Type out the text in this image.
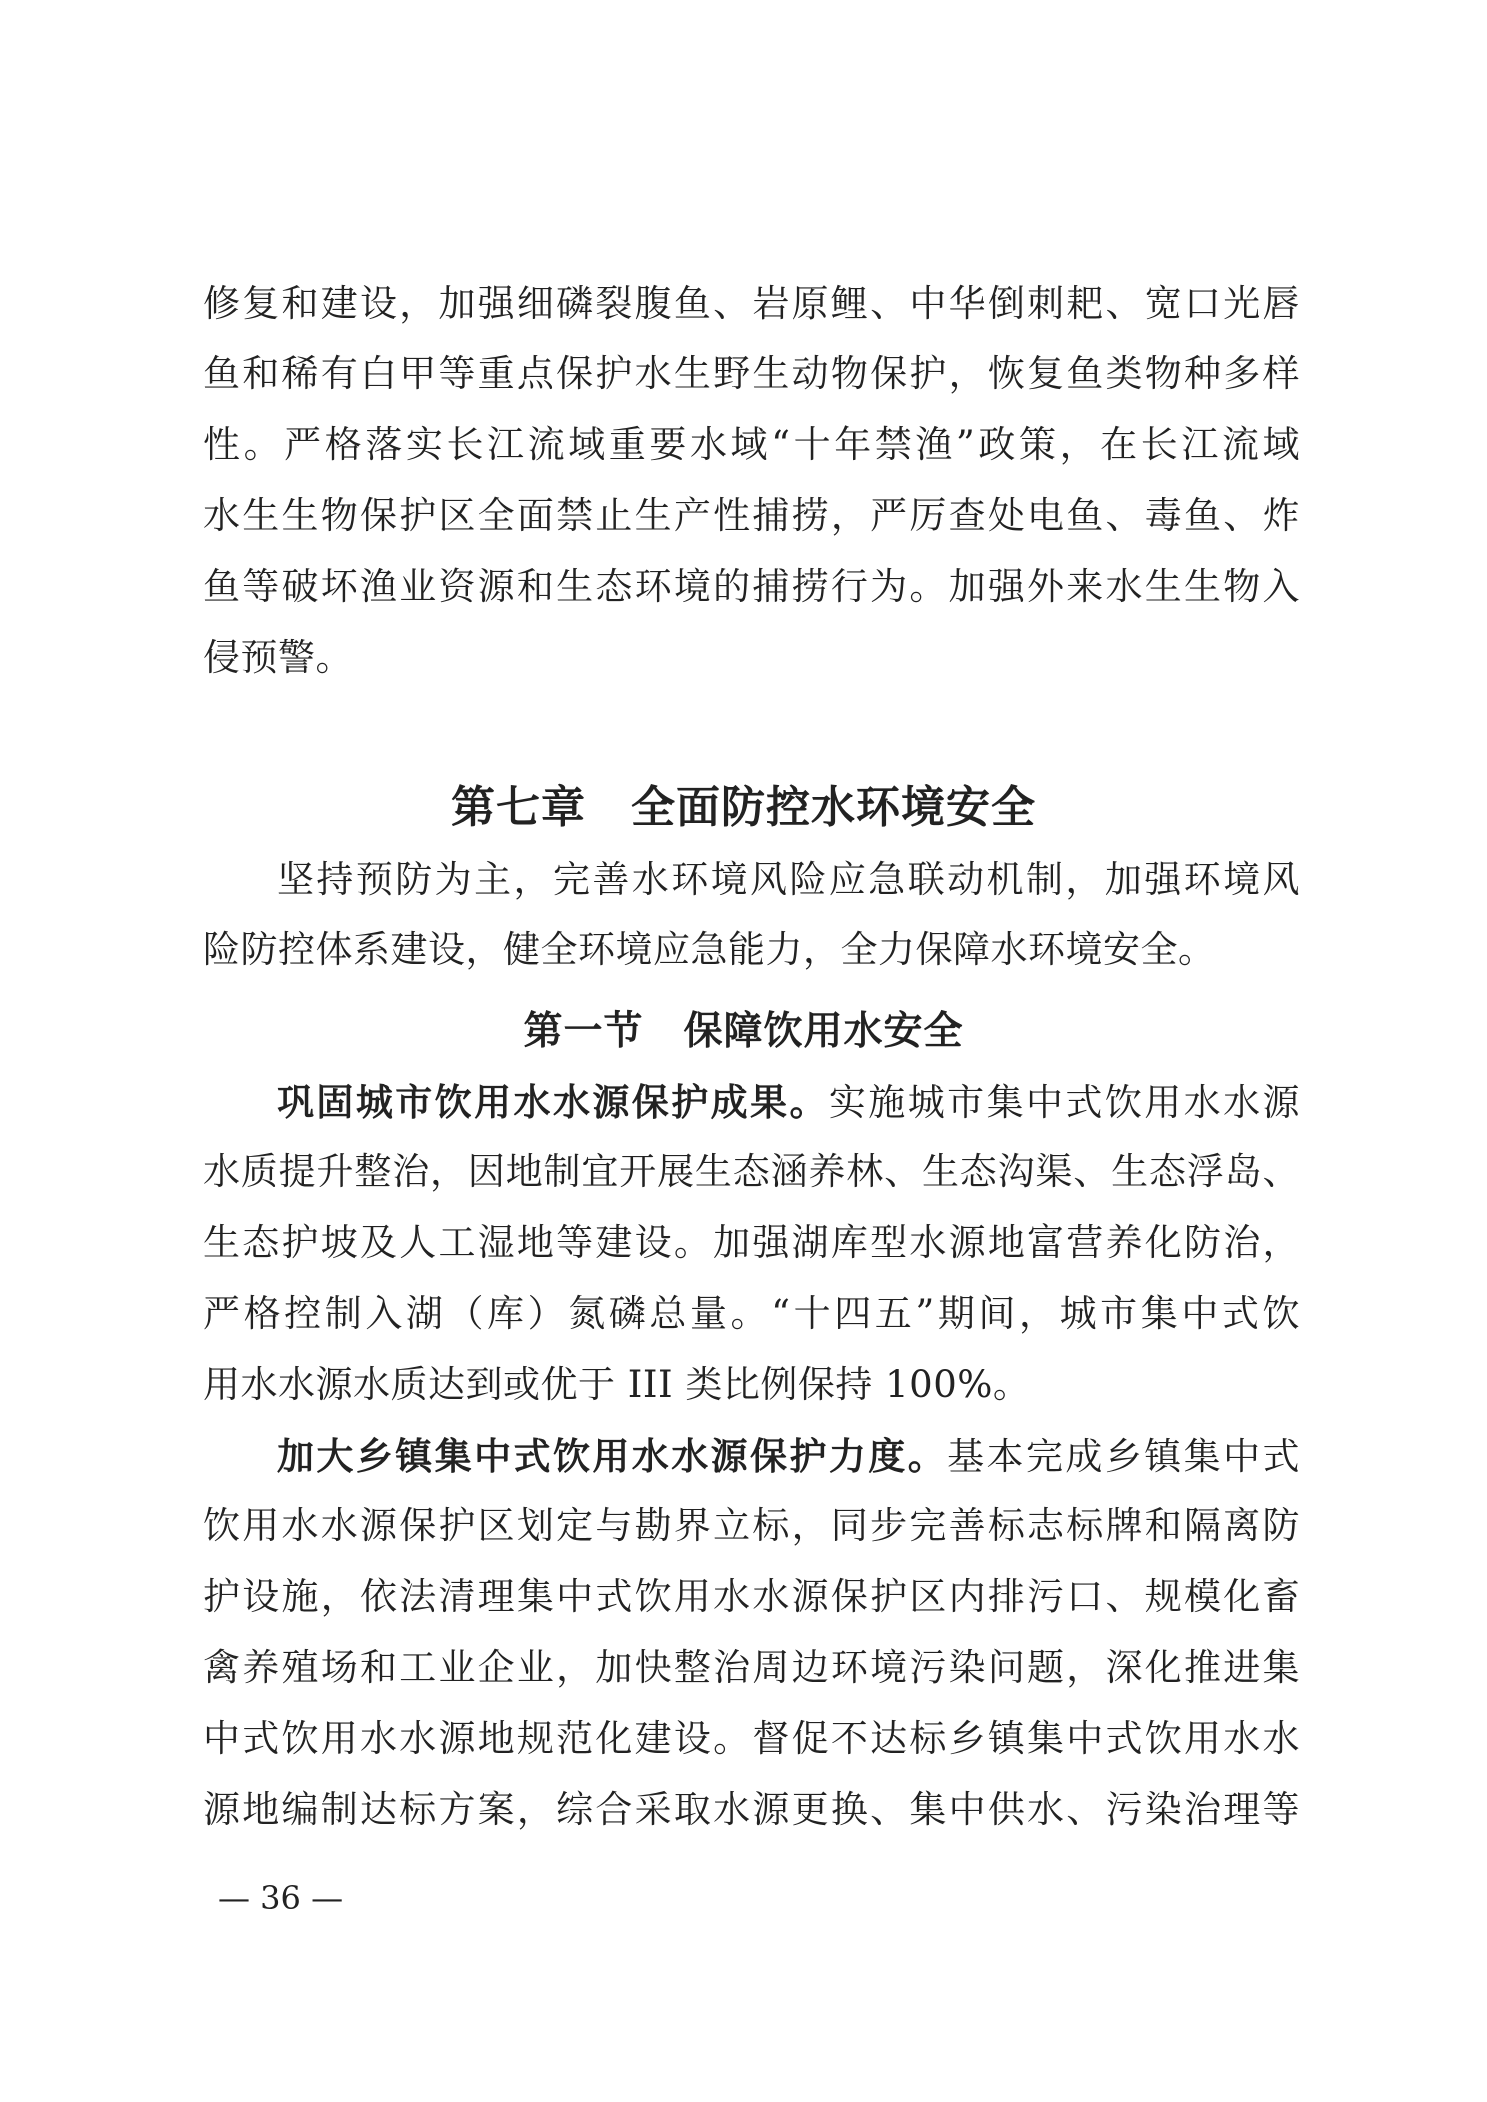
修复和建设，加强细磷裂腹鱼、岩原鲤、中华倒刺耙、宽口光唇
鱼和稀有白甲等重点保护水生野生动物保护，恢复鱼类物种多样
性。严格落实长江流域重要水域“十年禁渔”政策，在长江流域
水生生物保护区全面禁止生产性捕捞，严厉查处电鱼、毒鱼、炸
鱼等破坏渔业资源和生态环境的捕捞行为。加强外来水生生物入
侵预警。
第七章　全面防控水环境安全
坚持预防为主，完善水环境风险应急联动机制，加强环境风
险防控体系建设，健全环境应急能力，全力保障水环境安全。
第一节　保障饮用水安全
巩固城市饮用水水源保护成果。实施城市集中式饮用水水源
水质提升整治，因地制宜开展生态涵养林、生态沟渠、生态浮岛、
生态护坡及人工湿地等建设。加强湖库型水源地富营养化防治，
严格控制入湖（库）氮磷总量。“十四五”期间，城市集中式饮
用水水源水质达到或优于 III 类比例保持 100%。
加大乡镇集中式饮用水水源保护力度。基本完成乡镇集中式
饮用水水源保护区划定与勘界立标，同步完善标志标牌和隔离防
护设施，依法清理集中式饮用水水源保护区内排污口、规模化畜
禽养殖场和工业企业，加快整治周边环境污染问题，深化推进集
中式饮用水水源地规范化建设。督促不达标乡镇集中式饮用水水
源地编制达标方案，综合采取水源更换、集中供水、污染治理等
— 36 —
